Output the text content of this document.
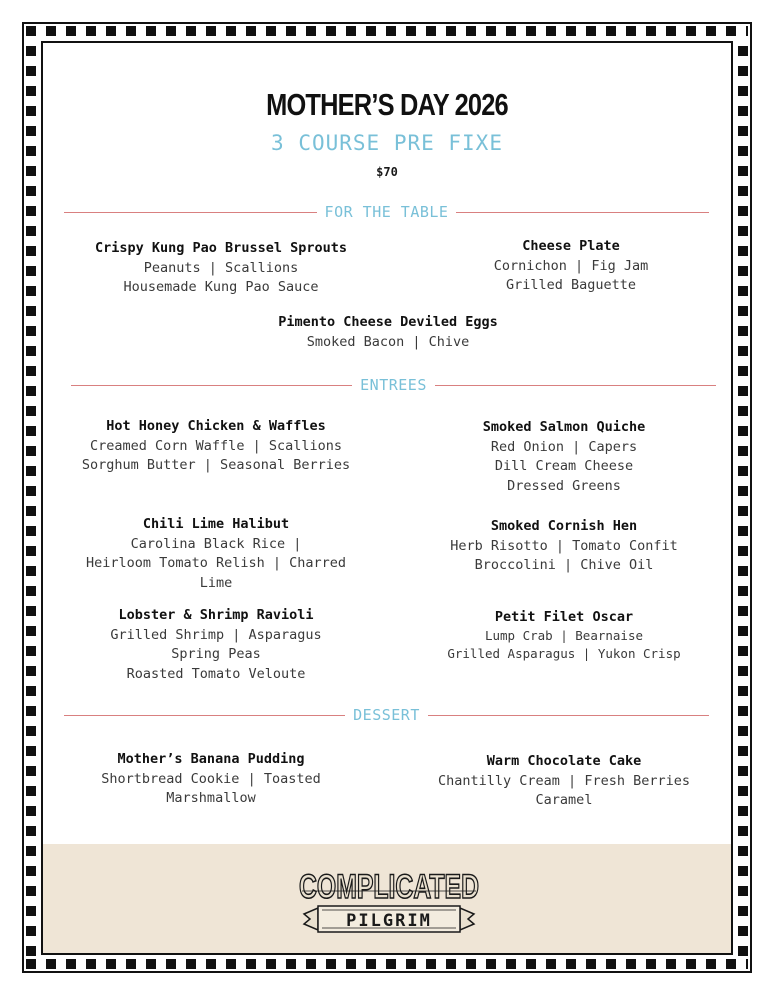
MOTHER’S DAY 2026
3 COURSE PRE FIXE
$70
FOR THE TABLE
Crispy Kung Pao Brussel Sprouts
Peanuts | Scallions
Housemade Kung Pao Sauce
Cheese Plate
Cornichon | Fig Jam
Grilled Baguette
Pimento Cheese Deviled Eggs
Smoked Bacon | Chive
ENTREES
Hot Honey Chicken & Waffles
Creamed Corn Waffle | Scallions
Sorghum Butter | Seasonal Berries
Smoked Salmon Quiche
Red Onion | Capers
Dill Cream Cheese
Dressed Greens
Chili Lime Halibut
Carolina Black Rice |
Heirloom Tomato Relish | Charred
Lime
Smoked Cornish Hen
Herb Risotto | Tomato Confit
Broccolini | Chive Oil
Lobster & Shrimp Ravioli
Grilled Shrimp | Asparagus
Spring Peas
Roasted Tomato Veloute
Petit Filet Oscar
Lump Crab | Bearnaise
Grilled Asparagus | Yukon Crisp
DESSERT
Mother’s Banana Pudding
Shortbread Cookie | Toasted
Marshmallow
Warm Chocolate Cake
Chantilly Cream | Fresh Berries
Caramel
COMPLICATED
PILGRIM
